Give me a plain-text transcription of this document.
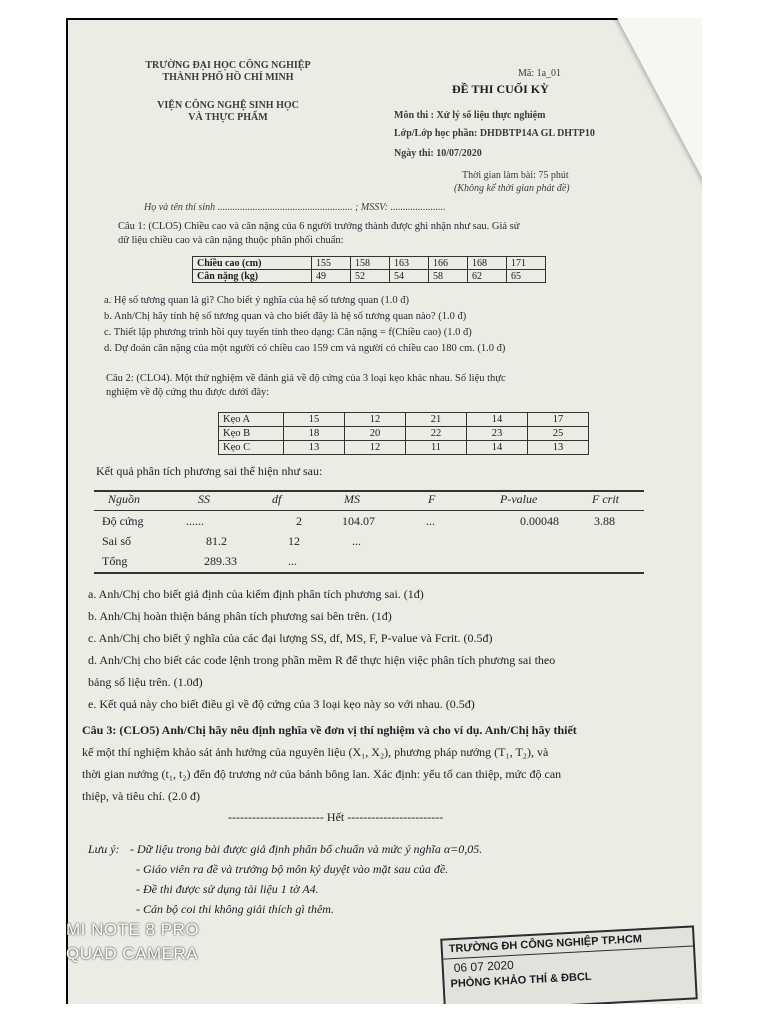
TRƯỜNG ĐẠI HỌC CÔNG NGHIỆP
THÀNH PHỐ HỒ CHÍ MINH
VIỆN CÔNG NGHỆ SINH HỌC
VÀ THỰC PHẨM
Mã: 1a_01
ĐỀ THI CUỐI KỲ
Môn thi : Xử lý số liệu thực nghiệm
Lớp/Lớp học phần: DHDBTP14A GL DHTP10
Ngày thi: 10/07/2020
Thời gian làm bài: 75 phút
(Không kể thời gian phát đề)
Họ và tên thí sinh ...................................................... ; MSSV: ......................
Câu 1: (CLO5) Chiều cao và cân nặng của 6 người trưởng thành được ghi nhận như sau. Giả sử
dữ liệu chiều cao và cân nặng thuộc phân phối chuẩn:
Chiều cao (cm)	155	158	163	166	168	171
Cân nặng (kg)	49	52	54	58	62	65
a. Hệ số tương quan là gì? Cho biết ý nghĩa của hệ số tương quan (1.0 đ)
b. Anh/Chị hãy tính hệ số tương quan và cho biết đây là hệ số tương quan nào? (1.0 đ)
c. Thiết lập phương trình hồi quy tuyến tính theo dạng: Cân nặng = f(Chiều cao) (1.0 đ)
d. Dự đoán cân nặng của một người có chiều cao 159 cm và người có chiều cao 180 cm. (1.0 đ)
Câu 2: (CLO4). Một thử nghiệm về đánh giá về độ cứng của 3 loại kẹo khác nhau. Số liệu thực
nghiệm về độ cứng thu được dưới đây:
Kẹo A	15	12	21	14	17
Kẹo B	18	20	22	23	25
Kẹo C	13	12	11	14	13
Kết quả phân tích phương sai thể hiện như sau:
Nguồn	SS	df	MS	F	P-value	F crit
Độ cứng	......	2	104.07	...	0.00048	3.88
Sai số	81.2	12	...
Tổng	289.33	...
a. Anh/Chị cho biết giả định của kiểm định phân tích phương sai. (1đ)
b. Anh/Chị hoàn thiện bảng phân tích phương sai bên trên. (1đ)
c. Anh/Chị cho biết ý nghĩa của các đại lượng SS, df, MS, F, P-value và Fcrit. (0.5đ)
d. Anh/Chị cho biết các code lệnh trong phần mềm R để thực hiện việc phân tích phương sai theo
bảng số liệu trên. (1.0đ)
e. Kết quả này cho biết điều gì về độ cứng của 3 loại kẹo này so với nhau. (0.5đ)
Câu 3: (CLO5) Anh/Chị hãy nêu định nghĩa về đơn vị thí nghiệm và cho ví dụ. Anh/Chị hãy thiết
kế một thí nghiệm khảo sát ảnh hưởng của nguyên liệu (X₁, X₂), phương pháp nướng (T₁, T₂), và
thời gian nướng (t₁, t₂) đến độ trương nở của bánh bông lan. Xác định: yếu tố can thiệp, mức độ can
thiệp, và tiêu chí. (2.0 đ)
------------------------ Hết ------------------------
Lưu ý: - Dữ liệu trong bài được giả định phân bổ chuẩn và mức ý nghĩa α=0,05.
- Giáo viên ra đề và trưởng bộ môn ký duyệt vào mặt sau của đề.
- Đề thi được sử dụng tài liệu 1 tờ A4.
- Cán bộ coi thi không giải thích gì thêm.
TRƯỜNG ĐH CÔNG NGHIỆP TP.HCM
06 07 2020
PHÒNG KHẢO THÍ & ĐBCL
MI NOTE 8 PRO
QUAD CAMERA
